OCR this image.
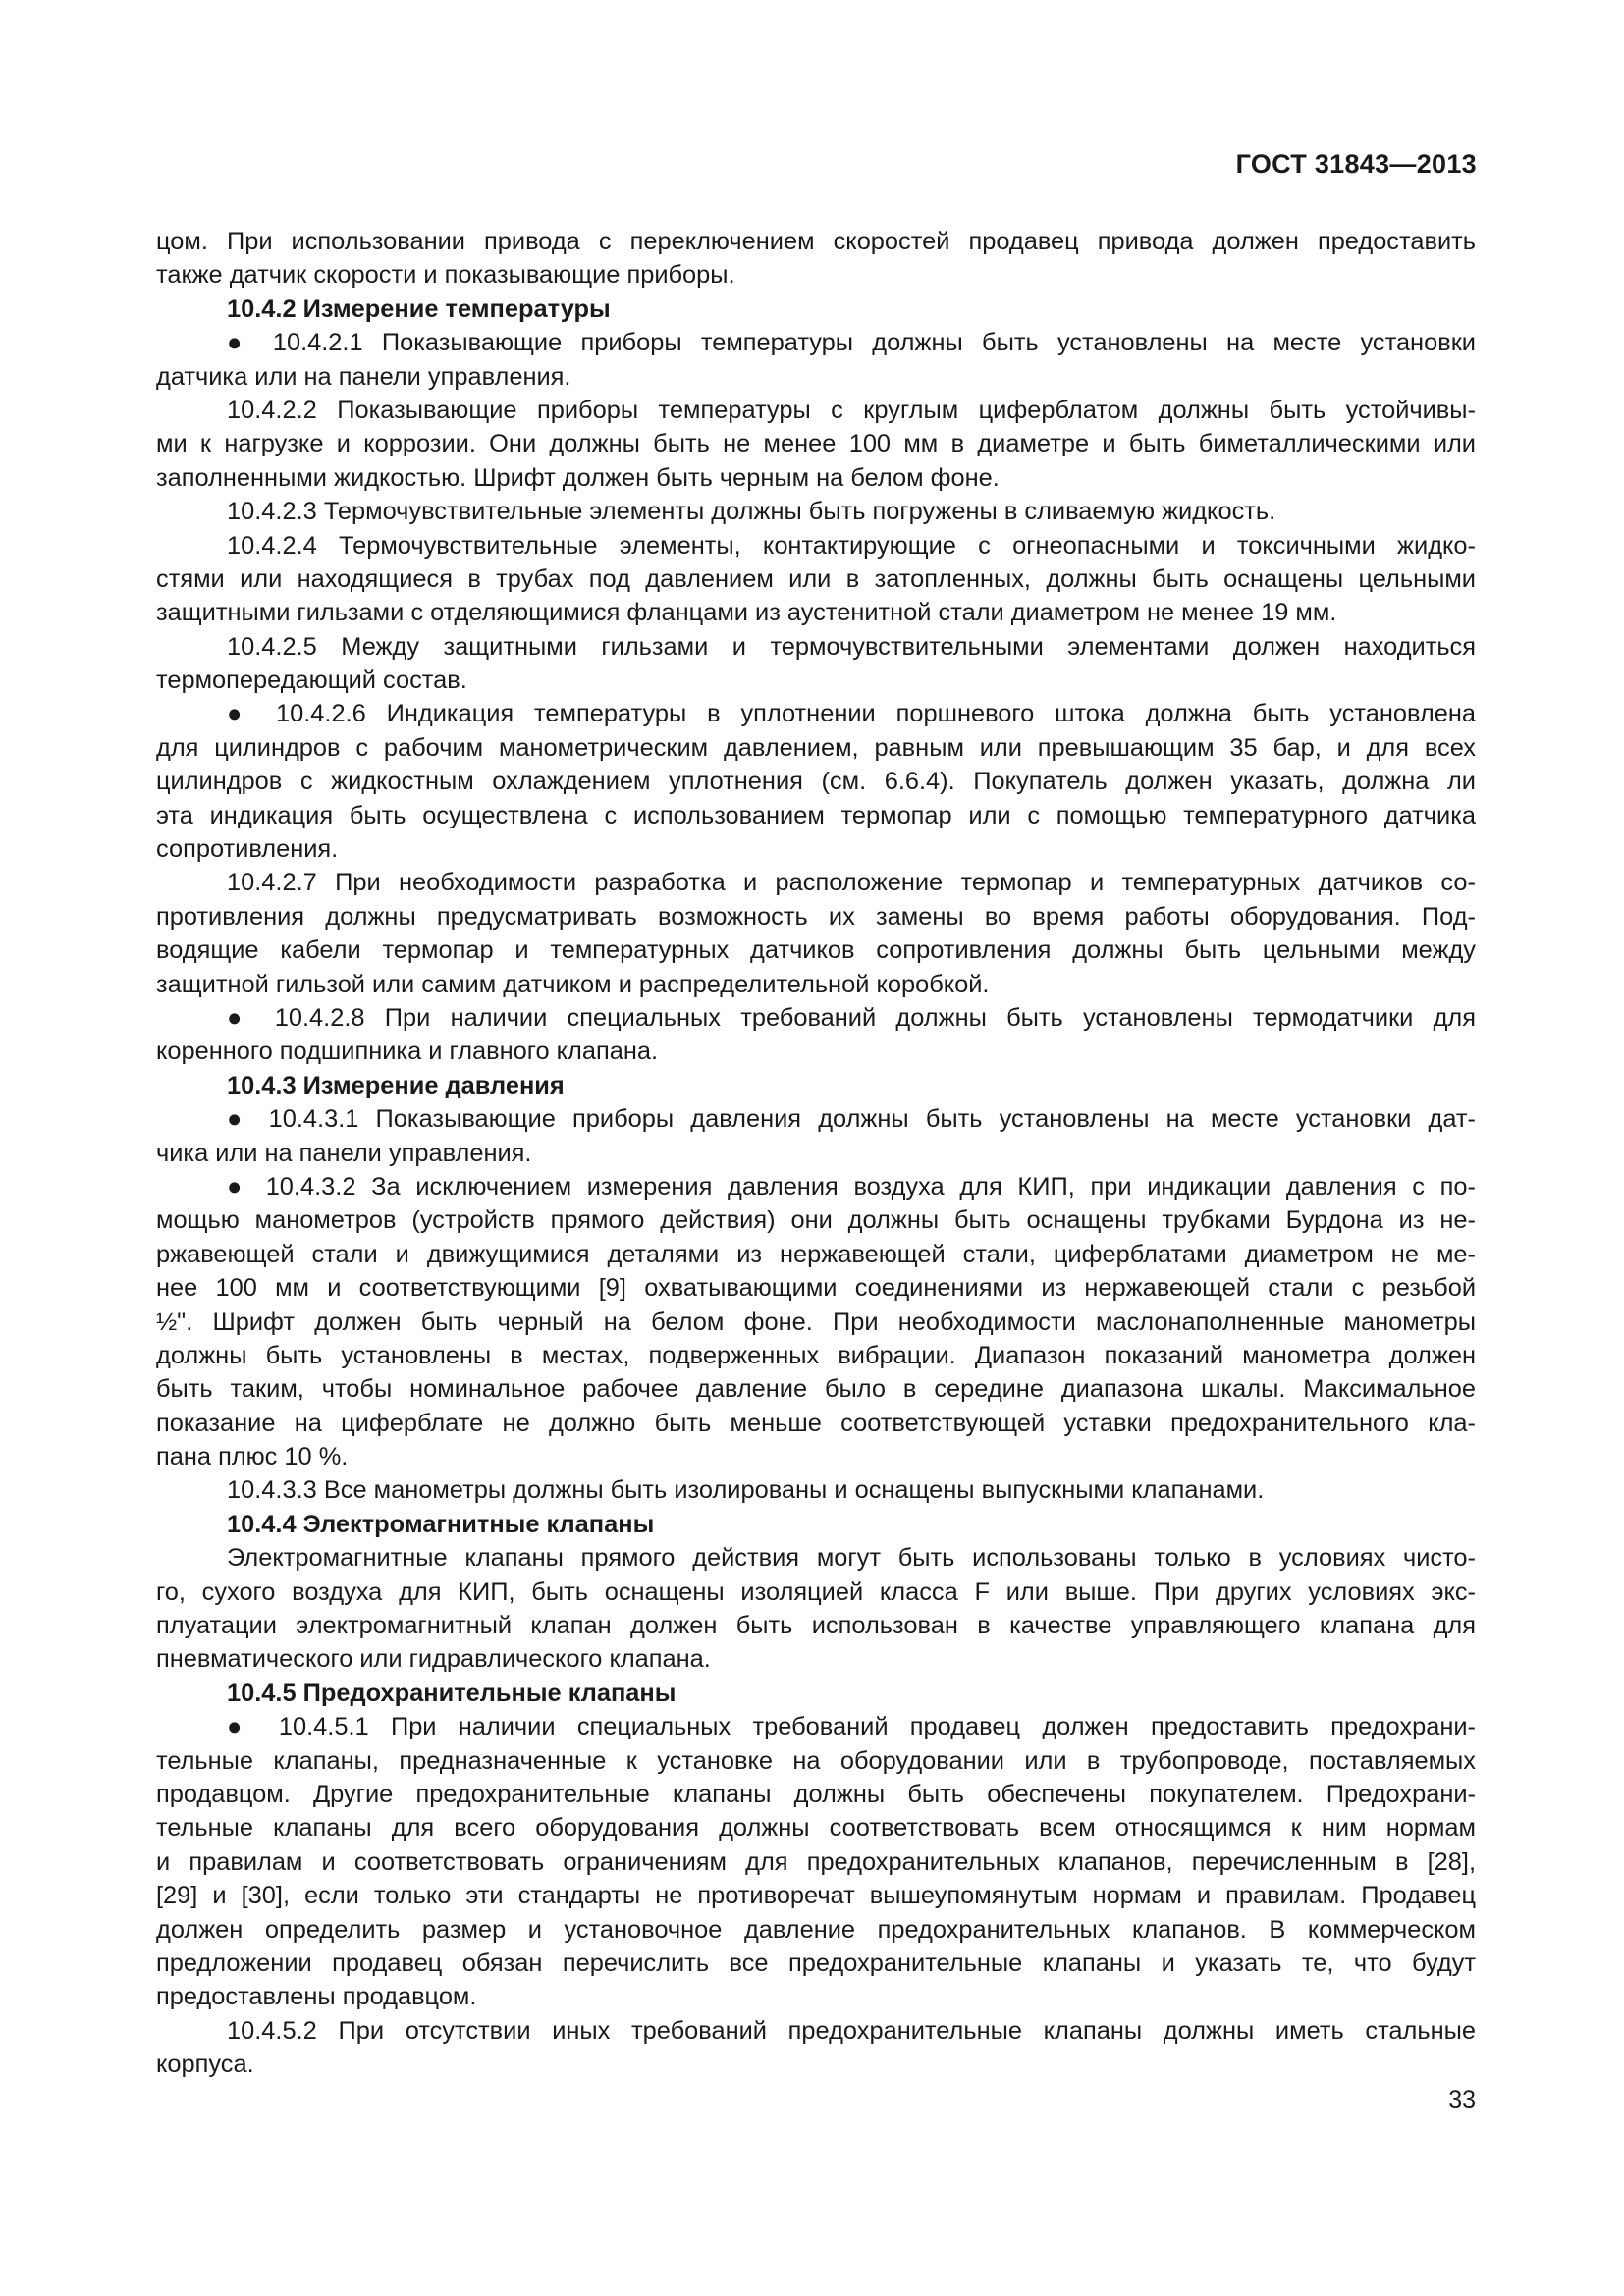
ГОСТ 31843—2013
цом. При использовании привода с переключением скоростей продавец привода должен предоставить
также датчик скорости и показывающие приборы.
10.4.2 Измерение температуры
● 10.4.2.1 Показывающие приборы температуры должны быть установлены на месте установки
датчика или на панели управления.
10.4.2.2 Показывающие приборы температуры с круглым циферблатом должны быть устойчивы-
ми к нагрузке и коррозии. Они должны быть не менее 100 мм в диаметре и быть биметаллическими или
заполненными жидкостью. Шрифт должен быть черным на белом фоне.
10.4.2.3 Термочувствительные элементы должны быть погружены в сливаемую жидкость.
10.4.2.4 Термочувствительные элементы, контактирующие с огнеопасными и токсичными жидко-
стями или находящиеся в трубах под давлением или в затопленных, должны быть оснащены цельными
защитными гильзами с отделяющимися фланцами из аустенитной стали диаметром не менее 19 мм.
10.4.2.5 Между защитными гильзами и термочувствительными элементами должен находиться
термопередающий состав.
● 10.4.2.6 Индикация температуры в уплотнении поршневого штока должна быть установлена
для цилиндров с рабочим манометрическим давлением, равным или превышающим 35 бар, и для всех
цилиндров с жидкостным охлаждением уплотнения (см. 6.6.4). Покупатель должен указать, должна ли
эта индикация быть осуществлена с использованием термопар или с помощью температурного датчика
сопротивления.
10.4.2.7 При необходимости разработка и расположение термопар и температурных датчиков со-
противления должны предусматривать возможность их замены во время работы оборудования. Под-
водящие кабели термопар и температурных датчиков сопротивления должны быть цельными между
защитной гильзой или самим датчиком и распределительной коробкой.
● 10.4.2.8 При наличии специальных требований должны быть установлены термодатчики для
коренного подшипника и главного клапана.
10.4.3 Измерение давления
● 10.4.3.1 Показывающие приборы давления должны быть установлены на месте установки дат-
чика или на панели управления.
● 10.4.3.2 За исключением измерения давления воздуха для КИП, при индикации давления с по-
мощью манометров (устройств прямого действия) они должны быть оснащены трубками Бурдона из не-
ржавеющей стали и движущимися деталями из нержавеющей стали, циферблатами диаметром не ме-
нее 100 мм и соответствующими [9] охватывающими соединениями из нержавеющей стали с резьбой
½". Шрифт должен быть черный на белом фоне. При необходимости маслонаполненные манометры
должны быть установлены в местах, подверженных вибрации. Диапазон показаний манометра должен
быть таким, чтобы номинальное рабочее давление было в середине диапазона шкалы. Максимальное
показание на циферблате не должно быть меньше соответствующей уставки предохранительного кла-
пана плюс 10 %.
10.4.3.3 Все манометры должны быть изолированы и оснащены выпускными клапанами.
10.4.4 Электромагнитные клапаны
Электромагнитные клапаны прямого действия могут быть использованы только в условиях чисто-
го, сухого воздуха для КИП, быть оснащены изоляцией класса F или выше. При других условиях экс-
плуатации электромагнитный клапан должен быть использован в качестве управляющего клапана для
пневматического или гидравлического клапана.
10.4.5 Предохранительные клапаны
● 10.4.5.1 При наличии специальных требований продавец должен предоставить предохрани-
тельные клапаны, предназначенные к установке на оборудовании или в трубопроводе, поставляемых
продавцом. Другие предохранительные клапаны должны быть обеспечены покупателем. Предохрани-
тельные клапаны для всего оборудования должны соответствовать всем относящимся к ним нормам
и правилам и соответствовать ограничениям для предохранительных клапанов, перечисленным в [28],
[29] и [30], если только эти стандарты не противоречат вышеупомянутым нормам и правилам. Продавец
должен определить размер и установочное давление предохранительных клапанов. В коммерческом
предложении продавец обязан перечислить все предохранительные клапаны и указать те, что будут
предоставлены продавцом.
10.4.5.2 При отсутствии иных требований предохранительные клапаны должны иметь стальные
корпуса.
33
